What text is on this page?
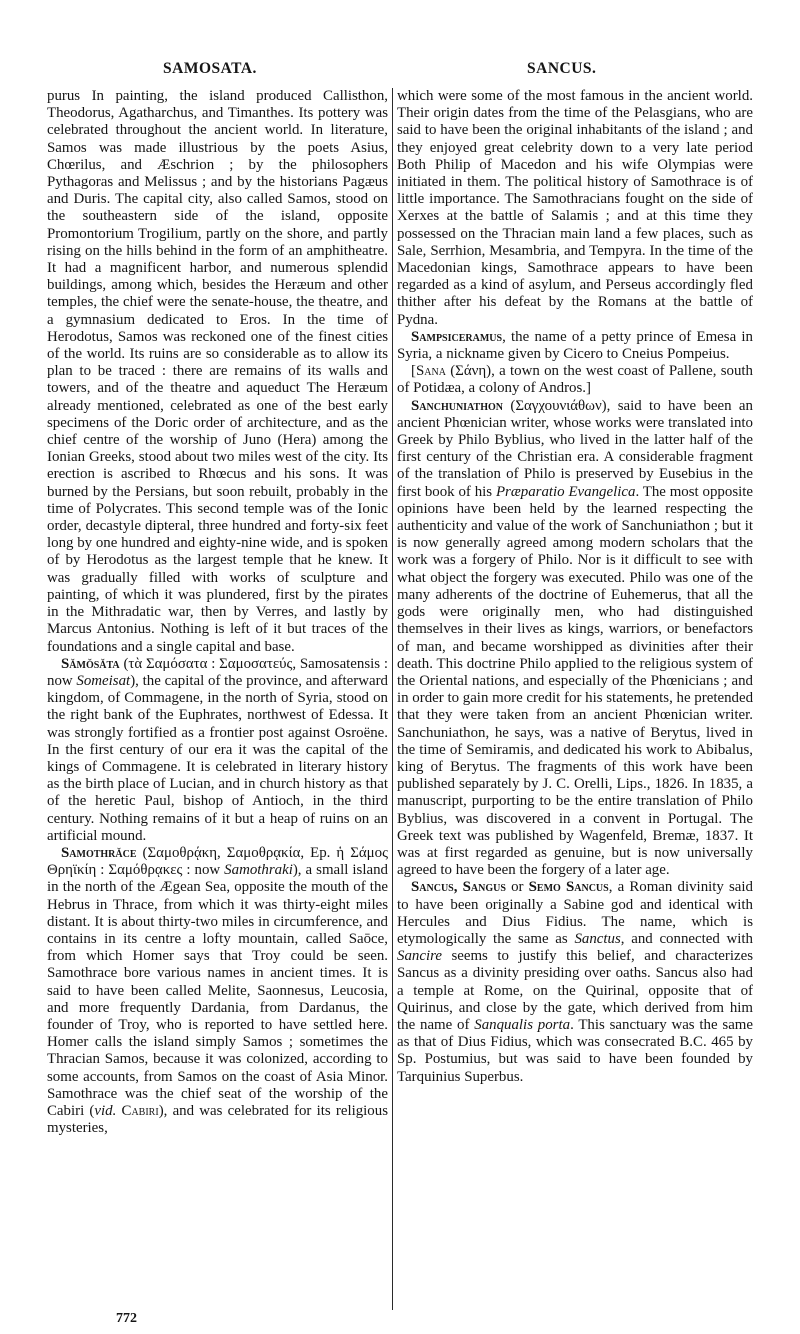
SAMOSATA.	SANCUS.

purus In painting, the island produced Callisthon, Theodorus, Agatharchus, and Timanthes. Its pottery was celebrated throughout the ancient world. In literature, Samos was made illustrious by the poets Asius, Chœrilus, and Æschrion ; by the philosophers Pythagoras and Melissus ; and by the historians Pagæus and Duris. The capital city, also called Samos, stood on the southeastern side of the island, opposite Promontorium Trogilium, partly on the shore, and partly rising on the hills behind in the form of an amphitheatre. It had a magnificent harbor, and numerous splendid buildings, among which, besides the Heræum and other temples, the chief were the senate-house, the theatre, and a gymnasium dedicated to Eros. In the time of Herodotus, Samos was reckoned one of the finest cities of the world. Its ruins are so considerable as to allow its plan to be traced : there are remains of its walls and towers, and of the theatre and aqueduct The Heræum already mentioned, celebrated as one of the best early specimens of the Doric order of architecture, and as the chief centre of the worship of Juno (Hera) among the Ionian Greeks, stood about two miles west of the city. Its erection is ascribed to Rhœcus and his sons. It was burned by the Persians, but soon rebuilt, probably in the time of Polycrates. This second temple was of the Ionic order, decastyle dipteral, three hundred and forty-six feet long by one hundred and eighty-nine wide, and is spoken of by Herodotus as the largest temple that he knew. It was gradually filled with works of sculpture and painting, of which it was plundered, first by the pirates in the Mithradatic war, then by Verres, and lastly by Marcus Antonius. Nothing is left of it but traces of the foundations and a single capital and base.

Sămŏsăta (τὰ Σαμόσατα : Σαμοσατεύς, Samosatensis : now Someisat), the capital of the province, and afterward kingdom, of Commagene, in the north of Syria, stood on the right bank of the Euphrates, northwest of Edessa. It was strongly fortified as a frontier post against Osroëne. In the first century of our era it was the capital of the kings of Commagene. It is celebrated in literary history as the birth place of Lucian, and in church history as that of the heretic Paul, bishop of Antioch, in the third century. Nothing remains of it but a heap of ruins on an artificial mound.

Samothrăce (Σαμοθρᾴκη, Σαμοθρᾳκία, Ep. ἡ Σάμος Θρηϊκίη : Σαμόθρᾳκες : now Samothraki), a small island in the north of the Ægean Sea, opposite the mouth of the Hebrus in Thrace, from which it was thirty-eight miles distant. It is about thirty-two miles in circumference, and contains in its centre a lofty mountain, called Saōce, from which Homer says that Troy could be seen. Samothrace bore various names in ancient times. It is said to have been called Melite, Saonnesus, Leucosia, and more frequently Dardania, from Dardanus, the founder of Troy, who is reported to have settled here. Homer calls the island simply Samos ; sometimes the Thracian Samos, because it was colonized, according to some accounts, from Samos on the coast of Asia Minor. Samothrace was the chief seat of the worship of the Cabiri (vid. Cabiri), and was celebrated for its religious mysteries,

which were some of the most famous in the ancient world. Their origin dates from the time of the Pelasgians, who are said to have been the original inhabitants of the island ; and they enjoyed great celebrity down to a very late period Both Philip of Macedon and his wife Olympias were initiated in them. The political history of Samothrace is of little importance. The Samothracians fought on the side of Xerxes at the battle of Salamis ; and at this time they possessed on the Thracian main land a few places, such as Sale, Serrhion, Mesambria, and Tempyra. In the time of the Macedonian kings, Samothrace appears to have been regarded as a kind of asylum, and Perseus accordingly fled thither after his defeat by the Romans at the battle of Pydna.

Sampsiceramus, the name of a petty prince of Emesa in Syria, a nickname given by Cicero to Cneius Pompeius.

[Sana (Σάνη), a town on the west coast of Pallene, south of Potidæa, a colony of Andros.]

Sanchuniathon (Σαγχουνιάθων), said to have been an ancient Phœnician writer, whose works were translated into Greek by Philo Byblius, who lived in the latter half of the first century of the Christian era. A considerable fragment of the translation of Philo is preserved by Eusebius in the first book of his Præparatio Evangelica. The most opposite opinions have been held by the learned respecting the authenticity and value of the work of Sanchuniathon ; but it is now generally agreed among modern scholars that the work was a forgery of Philo. Nor is it difficult to see with what object the forgery was executed. Philo was one of the many adherents of the doctrine of Euhemerus, that all the gods were originally men, who had distinguished themselves in their lives as kings, warriors, or benefactors of man, and became worshipped as divinities after their death. This doctrine Philo applied to the religious system of the Oriental nations, and especially of the Phœnicians ; and in order to gain more credit for his statements, he pretended that they were taken from an ancient Phœnician writer. Sanchuniathon, he says, was a native of Berytus, lived in the time of Semiramis, and dedicated his work to Abibalus, king of Berytus. The fragments of this work have been published separately by J. C. Orelli, Lips., 1826. In 1835, a manuscript, purporting to be the entire translation of Philo Byblius, was discovered in a convent in Portugal. The Greek text was published by Wagenfeld, Bremæ, 1837. It was at first regarded as genuine, but is now universally agreed to have been the forgery of a later age.

Sancus, Sangus or Semo Sancus, a Roman divinity said to have been originally a Sabine god and identical with Hercules and Dius Fidius. The name, which is etymologically the same as Sanctus, and connected with Sancire seems to justify this belief, and characterizes Sancus as a divinity presiding over oaths. Sancus also had a temple at Rome, on the Quirinal, opposite that of Quirinus, and close by the gate, which derived from him the name of Sanqualis porta. This sanctuary was the same as that of Dius Fidius, which was consecrated B.C. 465 by Sp. Postumius, but was said to have been founded by Tarquinius Superbus.

772
